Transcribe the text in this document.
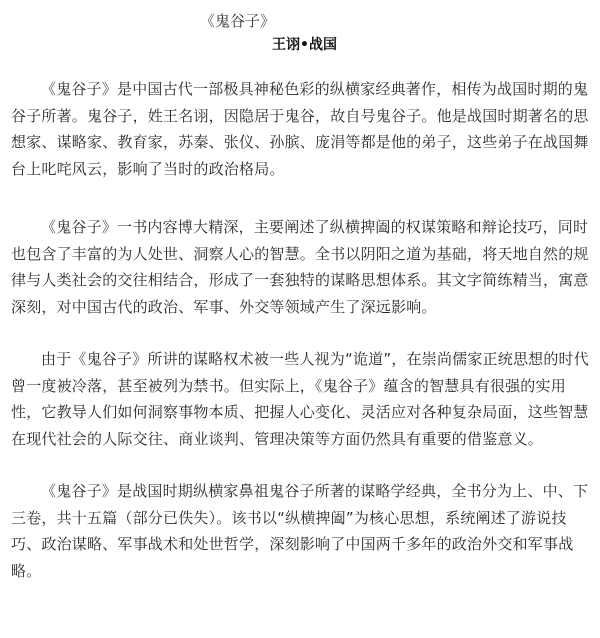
《鬼谷子》
王诩•战国

《鬼谷子》是中国古代一部极具神秘色彩的纵横家经典著作，相传为战国时期的鬼谷子所著。鬼谷子，姓王名诩，因隐居于鬼谷，故自号鬼谷子。他是战国时期著名的思想家、谋略家、教育家，苏秦、张仪、孙膑、庞涓等都是他的弟子，这些弟子在战国舞台上叱咤风云，影响了当时的政治格局。

《鬼谷子》一书内容博大精深，主要阐述了纵横捭阖的权谋策略和辩论技巧，同时也包含了丰富的为人处世、洞察人心的智慧。全书以阴阳之道为基础，将天地自然的规律与人类社会的交往相结合，形成了一套独特的谋略思想体系。其文字简练精当，寓意深刻，对中国古代的政治、军事、外交等领域产生了深远影响。

由于《鬼谷子》所讲的谋略权术被一些人视为“诡道”，在崇尚儒家正统思想的时代曾一度被冷落，甚至被列为禁书。但实际上，《鬼谷子》蕴含的智慧具有很强的实用性，它教导人们如何洞察事物本质、把握人心变化、灵活应对各种复杂局面，这些智慧在现代社会的人际交往、商业谈判、管理决策等方面仍然具有重要的借鉴意义。

《鬼谷子》是战国时期纵横家鼻祖鬼谷子所著的谋略学经典，全书分为上、中、下三卷，共十五篇（部分已佚失）。该书以“纵横捭阖”为核心思想，系统阐述了游说技巧、政治谋略、军事战术和处世哲学，深刻影响了中国两千多年的政治外交和军事战略。
